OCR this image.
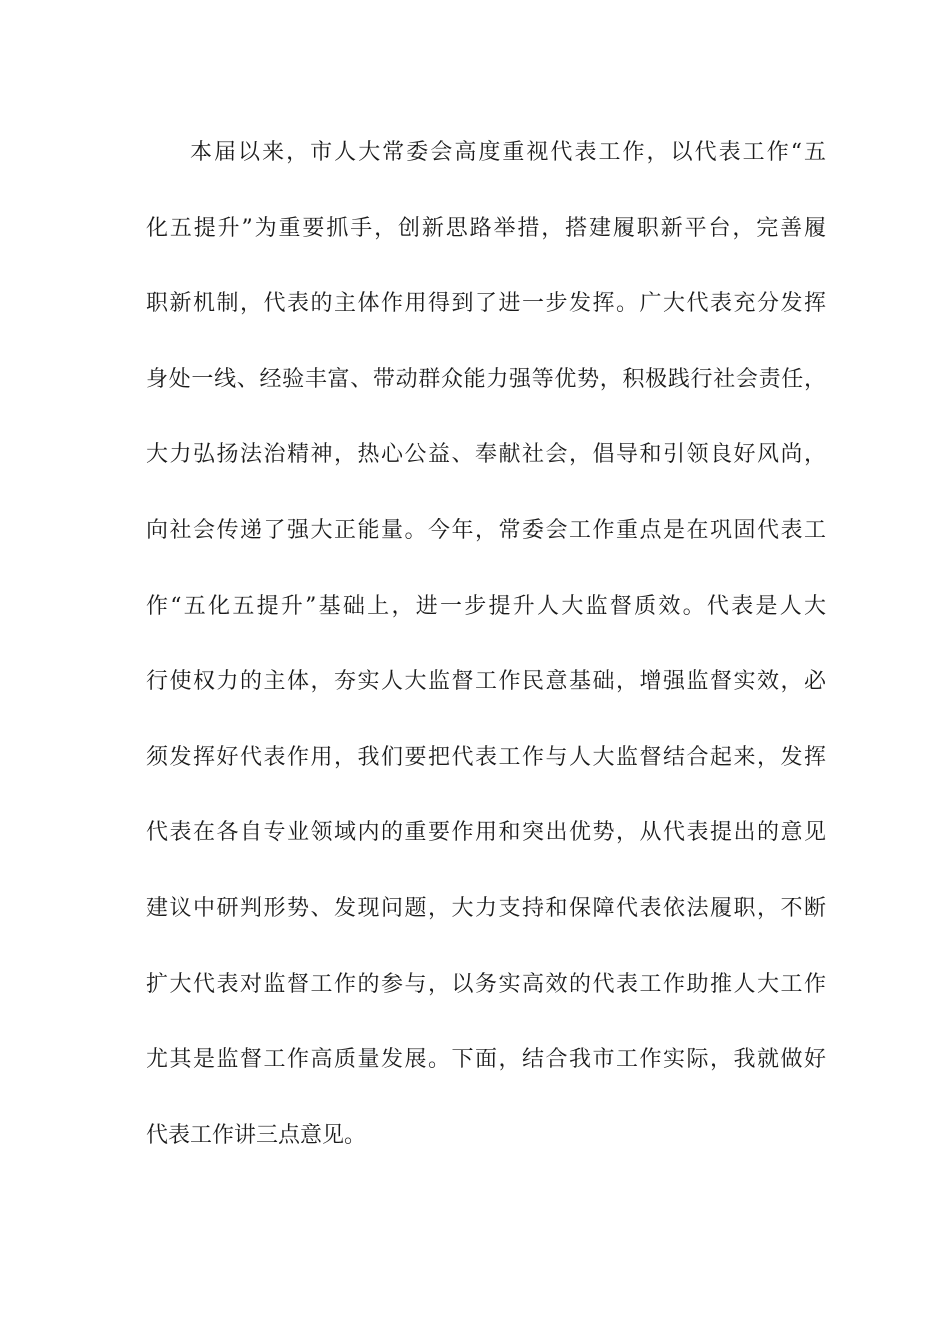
本届以来，市人大常委会高度重视代表工作，以代表工作“五
化五提升”为重要抓手，创新思路举措，搭建履职新平台，完善履
职新机制，代表的主体作用得到了进一步发挥。广大代表充分发挥
身处一线、经验丰富、带动群众能力强等优势，积极践行社会责任，
大力弘扬法治精神，热心公益、奉献社会，倡导和引领良好风尚，
向社会传递了强大正能量。今年，常委会工作重点是在巩固代表工
作“五化五提升”基础上，进一步提升人大监督质效。代表是人大
行使权力的主体，夯实人大监督工作民意基础，增强监督实效，必
须发挥好代表作用，我们要把代表工作与人大监督结合起来，发挥
代表在各自专业领域内的重要作用和突出优势，从代表提出的意见
建议中研判形势、发现问题，大力支持和保障代表依法履职，不断
扩大代表对监督工作的参与，以务实高效的代表工作助推人大工作
尤其是监督工作高质量发展。下面，结合我市工作实际，我就做好
代表工作讲三点意见。
